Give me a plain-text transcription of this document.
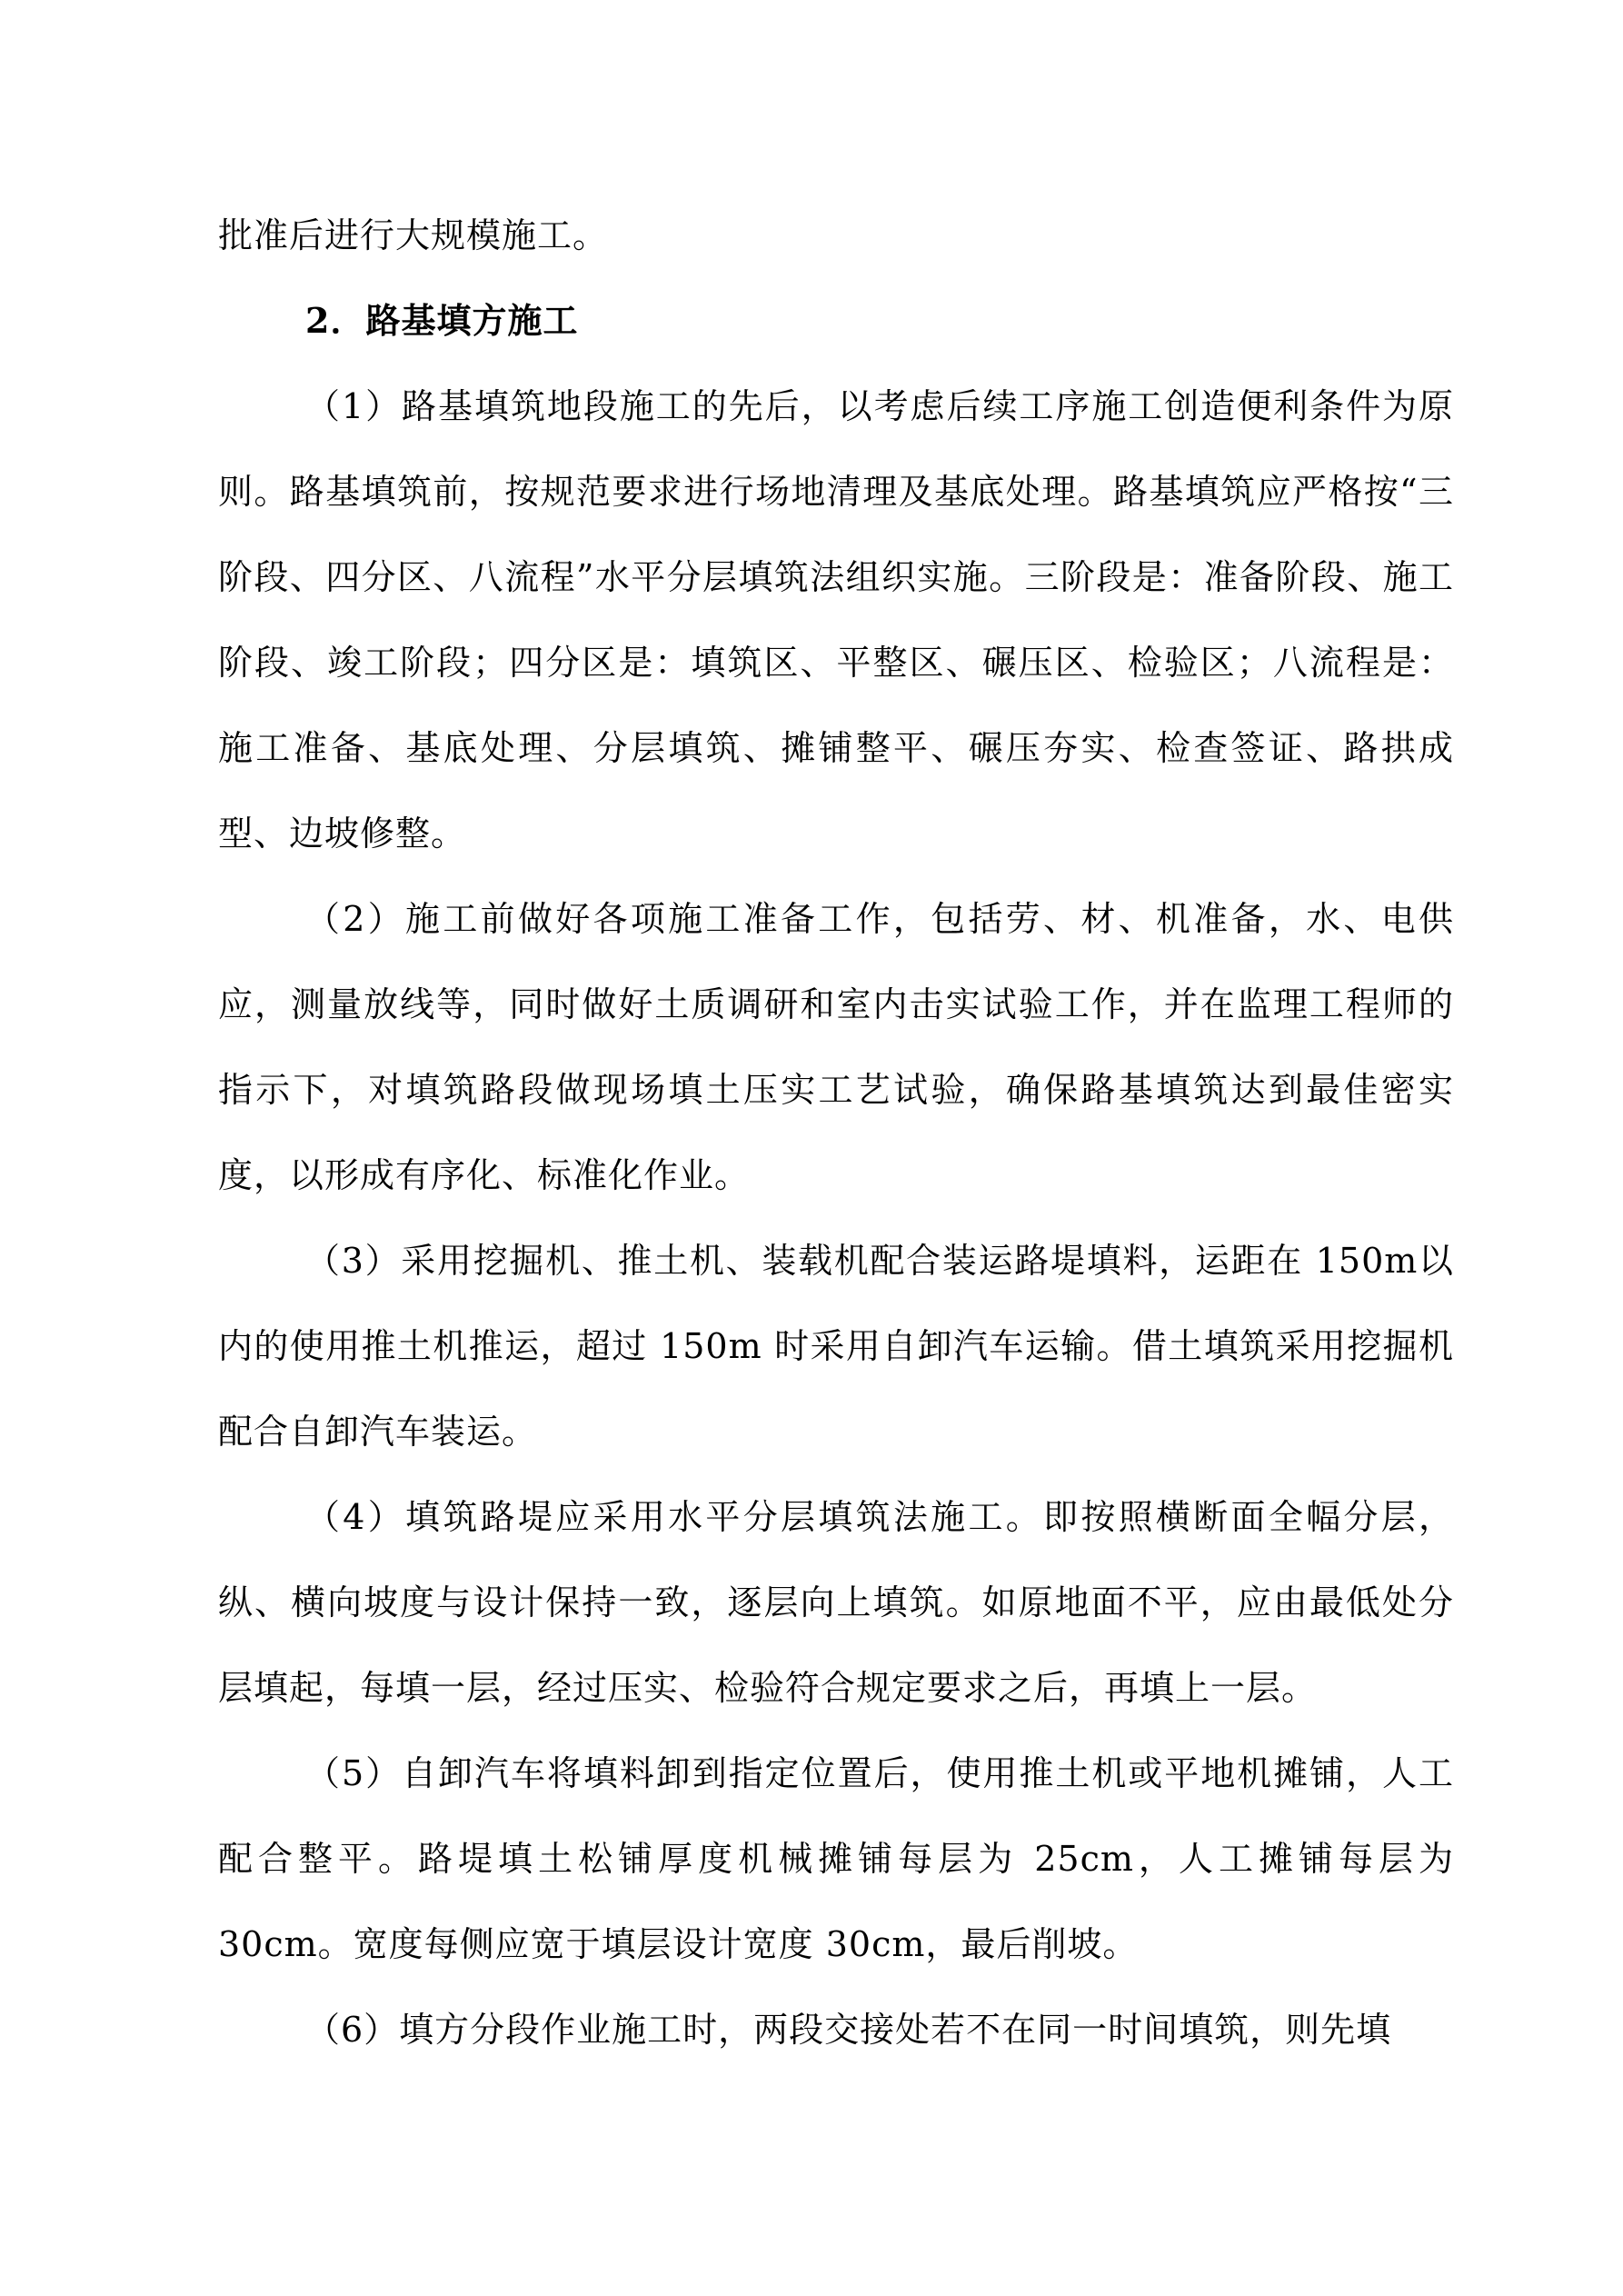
批准后进行大规模施工。

2．路基填方施工

（1）路基填筑地段施工的先后，以考虑后续工序施工创造便利条件为原则。路基填筑前，按规范要求进行场地清理及基底处理。路基填筑应严格按“三阶段、四分区、八流程”水平分层填筑法组织实施。三阶段是：准备阶段、施工阶段、竣工阶段；四分区是：填筑区、平整区、碾压区、检验区；八流程是：施工准备、基底处理、分层填筑、摊铺整平、碾压夯实、检查签证、路拱成型、边坡修整。

（2）施工前做好各项施工准备工作，包括劳、材、机准备，水、电供应，测量放线等，同时做好土质调研和室内击实试验工作，并在监理工程师的指示下，对填筑路段做现场填土压实工艺试验，确保路基填筑达到最佳密实度，以形成有序化、标准化作业。

（3）采用挖掘机、推土机、装载机配合装运路堤填料，运距在 150m以内的使用推土机推运，超过 150m 时采用自卸汽车运输。借土填筑采用挖掘机配合自卸汽车装运。

（4）填筑路堤应采用水平分层填筑法施工。即按照横断面全幅分层，纵、横向坡度与设计保持一致，逐层向上填筑。如原地面不平，应由最低处分层填起，每填一层，经过压实、检验符合规定要求之后，再填上一层。

（5）自卸汽车将填料卸到指定位置后，使用推土机或平地机摊铺，人工配合整平。路堤填土松铺厚度机械摊铺每层为 25cm，人工摊铺每层为30cm。宽度每侧应宽于填层设计宽度 30cm，最后削坡。

（6）填方分段作业施工时，两段交接处若不在同一时间填筑，则先填
